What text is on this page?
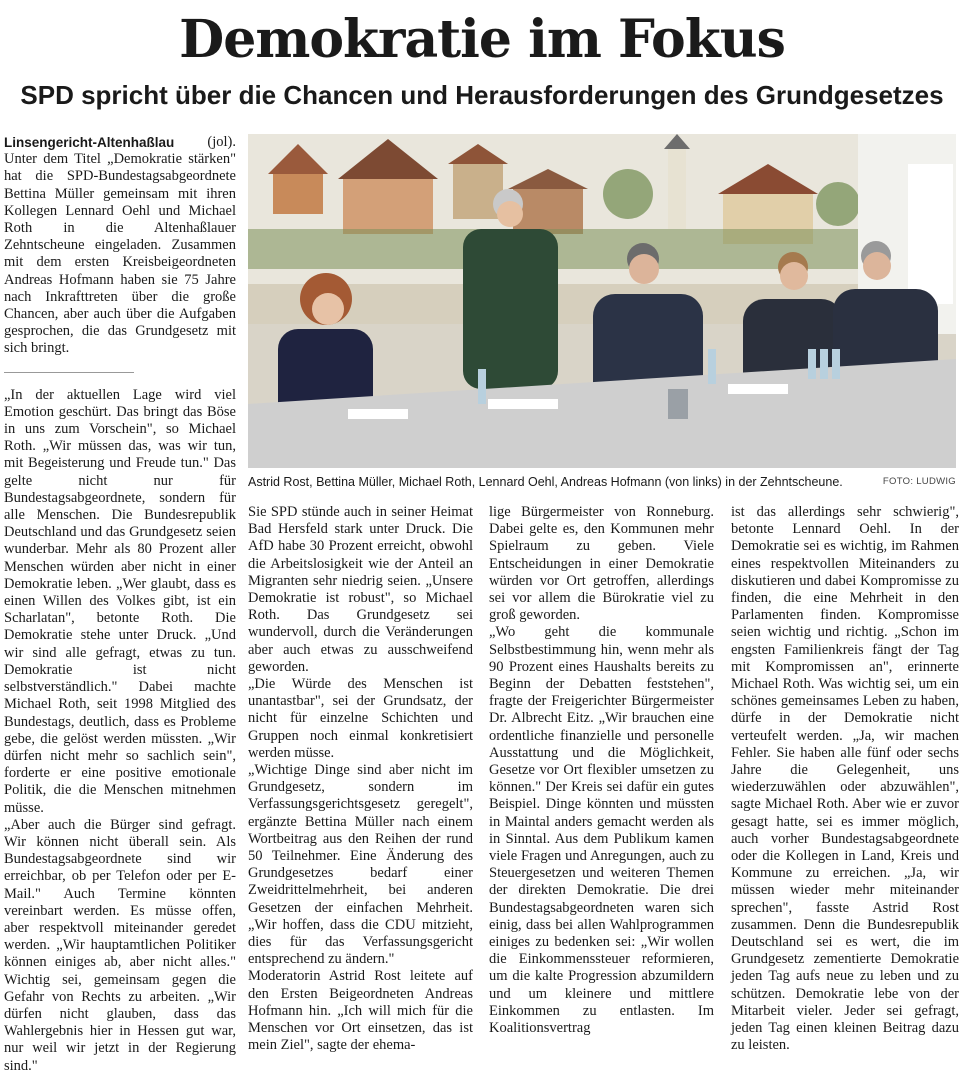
Demokratie im Fokus
SPD spricht über die Chancen und Herausforderungen des Grundgesetzes
Linsengericht-Altenhaßlau (jol).

Unter dem Titel „Demokratie stärken" hat die SPD-Bundestagsabgeordnete Bettina Müller gemeinsam mit ihren Kollegen Lennard Oehl und Michael Roth in die Altenhaßlauer Zehntscheune eingeladen. Zusammen mit dem ersten Kreisbeigeordneten Andreas Hofmann haben sie 75 Jahre nach Inkrafttreten über die große Chancen, aber auch über die Aufgaben gesprochen, die das Grundgesetz mit sich bringt.

„In der aktuellen Lage wird viel Emotion geschürt. Das bringt das Böse in uns zum Vorschein", so Michael Roth. „Wir müssen das, was wir tun, mit Begeisterung und Freude tun." Das gelte nicht nur für Bundestagsabgeordnete, sondern für alle Menschen. Die Bundesrepublik Deutschland und das Grundgesetz seien wunderbar. Mehr als 80 Prozent aller Menschen würden aber nicht in einer Demokratie leben. „Wer glaubt, dass es einen Willen des Volkes gibt, ist ein Scharlatan", betonte Roth. Die Demokratie stehe unter Druck. „Und wir sind alle gefragt, etwas zu tun. Demokratie ist nicht selbstverständlich." Dabei machte Michael Roth, seit 1998 Mitglied des Bundestags, deutlich, dass es Probleme gebe, die gelöst werden müssten. „Wir dürfen nicht mehr so sachlich sein", forderte er eine positive emotionale Politik, die die Menschen mitnehmen müsse.

„Aber auch die Bürger sind gefragt. Wir können nicht überall sein. Als Bundestagsabgeordnete sind wir erreichbar, ob per Telefon oder per E-Mail." Auch Termine könnten vereinbart werden. Es müsse offen, aber respektvoll miteinander geredet werden. „Wir hauptamtlichen Politiker können einiges ab, aber nicht alles." Wichtig sei, gemeinsam gegen die Gefahr von Rechts zu arbeiten. „Wir dürfen nicht glauben, dass das Wahlergebnis hier in Hessen gut war, nur weil wir jetzt in der Regierung sind."

Astrid Rost, Bettina Müller, Michael Roth, Lennard Oehl, Andreas Hofmann (von links) in der Zehntscheune.	FOTO: LUDWIG

Sie SPD stünde auch in seiner Heimat Bad Hersfeld stark unter Druck. Die AfD habe 30 Prozent erreicht, obwohl die Arbeitslosigkeit wie der Anteil an Migranten sehr niedrig seien. „Unsere Demokratie ist robust", so Michael Roth. Das Grundgesetz sei wundervoll, durch die Veränderungen aber auch etwas zu ausschweifend geworden.

„Die Würde des Menschen ist unantastbar", sei der Grundsatz, der nicht für einzelne Schichten und Gruppen noch einmal konkretisiert werden müsse.

„Wichtige Dinge sind aber nicht im Grundgesetz, sondern im Verfassungsgerichtsgesetz geregelt", ergänzte Bettina Müller nach einem Wortbeitrag aus den Reihen der rund 50 Teilnehmer. Eine Änderung des Grundgesetzes bedarf einer Zweidrittelmehrheit, bei anderen Gesetzen der einfachen Mehrheit. „Wir hoffen, dass die CDU mitzieht, dies für das Verfassungsgericht entsprechend zu ändern."

Moderatorin Astrid Rost leitete auf den Ersten Beigeordneten Andreas Hofmann hin. „Ich will mich für die Menschen vor Ort einsetzen, das ist mein Ziel", sagte der ehema-

lige Bürgermeister von Ronneburg. Dabei gelte es, den Kommunen mehr Spielraum zu geben. Viele Entscheidungen in einer Demokratie würden vor Ort getroffen, allerdings sei vor allem die Bürokratie viel zu groß geworden.

„Wo geht die kommunale Selbstbestimmung hin, wenn mehr als 90 Prozent eines Haushalts bereits zu Beginn der Debatten feststehen", fragte der Freigerichter Bürgermeister Dr. Albrecht Eitz. „Wir brauchen eine ordentliche finanzielle und personelle Ausstattung und die Möglichkeit, Gesetze vor Ort flexibler umsetzen zu können." Der Kreis sei dafür ein gutes Beispiel. Dinge könnten und müssten in Maintal anders gemacht werden als in Sinntal. Aus dem Publikum kamen viele Fragen und Anregungen, auch zu Steuergesetzen und weiteren Themen der direkten Demokratie. Die drei Bundestagsabgeordneten waren sich einig, dass bei allen Wahlprogrammen einiges zu bedenken sei: „Wir wollen die Einkommenssteuer reformieren, um die kalte Progression abzumildern und um kleinere und mittlere Einkommen zu entlasten. Im Koalitionsvertrag

ist das allerdings sehr schwierig", betonte Lennard Oehl. In der Demokratie sei es wichtig, im Rahmen eines respektvollen Miteinanders zu diskutieren und dabei Kompromisse zu finden, die eine Mehrheit in den Parlamenten finden. Kompromisse seien wichtig und richtig. „Schon im engsten Familienkreis fängt der Tag mit Kompromissen an", erinnerte Michael Roth. Was wichtig sei, um ein schönes gemeinsames Leben zu haben, dürfe in der Demokratie nicht verteufelt werden. „Ja, wir machen Fehler. Sie haben alle fünf oder sechs Jahre die Gelegenheit, uns wiederzuwählen oder abzuwählen", sagte Michael Roth. Aber wie er zuvor gesagt hatte, sei es immer möglich, auch vorher Bundestagsabgeordnete oder die Kollegen in Land, Kreis und Kommune zu erreichen. „Ja, wir müssen wieder mehr miteinander sprechen", fasste Astrid Rost zusammen. Denn die Bundesrepublik Deutschland sei es wert, die im Grundgesetz zementierte Demokratie jeden Tag aufs neue zu leben und zu schützen. Demokratie lebe von der Mitarbeit vieler. Jeder sei gefragt, jeden Tag einen kleinen Beitrag dazu zu leisten.
